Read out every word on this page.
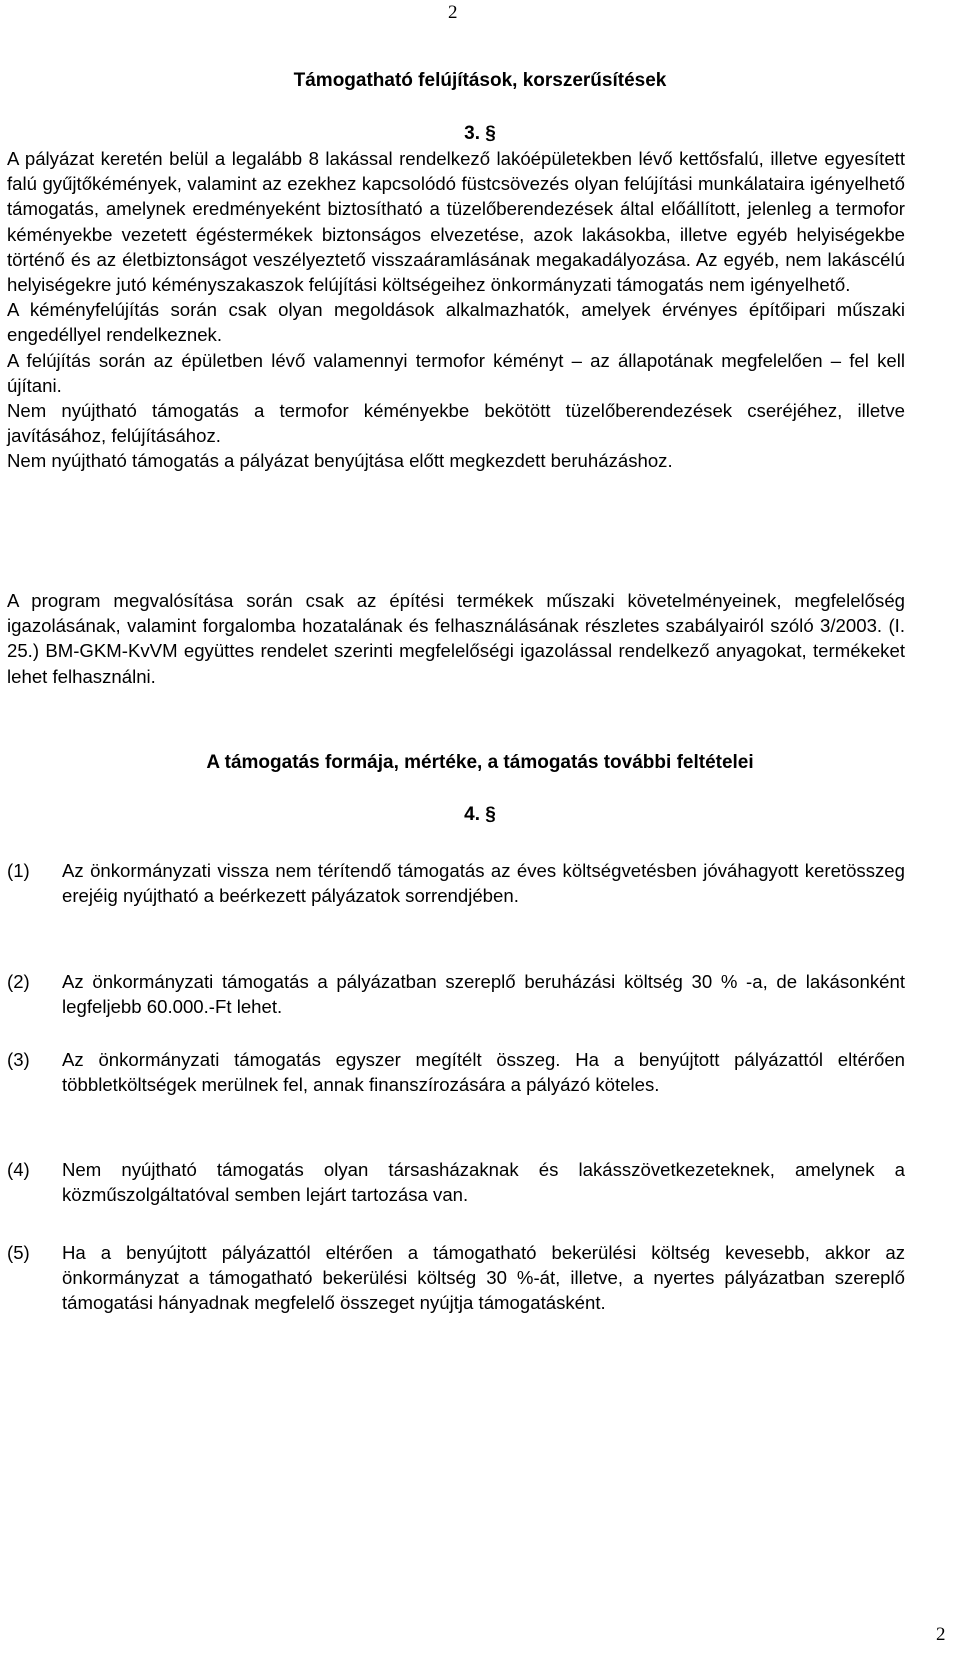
2
Támogatható felújítások, korszerűsítések
3. §

A pályázat keretén belül a legalább 8 lakással rendelkező lakóépületekben lévő kettősfalú, illetve egyesített falú gyűjtőkémények, valamint az ezekhez kapcsolódó füstcsövezés olyan felújítási munkálataira igényelhető támogatás, amelynek eredményeként biztosítható a tüzelőberendezések által előállított, jelenleg a termofor kéményekbe vezetett égéstermékek biztonságos elvezetése, azok lakásokba, illetve egyéb helyiségekbe történő és az életbiztonságot veszélyeztető visszaáramlásának megakadályozása. Az egyéb, nem lakáscélú helyiségekre jutó kéményszakaszok felújítási költségeihez önkormányzati támogatás nem igényelhető.

A kéményfelújítás során csak olyan megoldások alkalmazhatók, amelyek érvényes építőipari műszaki engedéllyel rendelkeznek.

A felújítás során az épületben lévő valamennyi termofor kéményt – az állapotának megfelelően – fel kell újítani.

Nem nyújtható támogatás a termofor kéményekbe bekötött tüzelőberendezések cseréjéhez, illetve javításához, felújításához.

Nem nyújtható támogatás a pályázat benyújtása előtt megkezdett beruházáshoz.

A program megvalósítása során csak az építési termékek műszaki követelményeinek, megfelelőség igazolásának, valamint forgalomba hozatalának és felhasználásának részletes szabályairól szóló 3/2003. (I. 25.) BM-GKM-KvVM együttes rendelet szerinti megfelelőségi igazolással rendelkező anyagokat, termékeket lehet felhasználni.
A támogatás formája, mértéke, a támogatás további feltételei
4. §
(1) Az önkormányzati vissza nem térítendő támogatás az éves költségvetésben jóváhagyott keretösszeg erejéig nyújtható a beérkezett pályázatok sorrendjében.
(2) Az önkormányzati támogatás a pályázatban szereplő beruházási költség 30 % -a, de lakásonként legfeljebb 60.000.-Ft lehet.
(3) Az önkormányzati támogatás egyszer megítélt összeg. Ha a benyújtott pályázattól eltérően többletköltségek merülnek fel, annak finanszírozására a pályázó köteles.
(4) Nem nyújtható támogatás olyan társasházaknak és lakásszövetkezeteknek, amelynek a közműszolgáltatóval semben lejárt tartozása van.
(5) Ha a benyújtott pályázattól eltérően a támogatható bekerülési költség kevesebb, akkor az önkormányzat a támogatható bekerülési költség 30 %-át, illetve, a nyertes pályázatban szereplő támogatási hányadnak megfelelő összeget nyújtja támogatásként.
2
